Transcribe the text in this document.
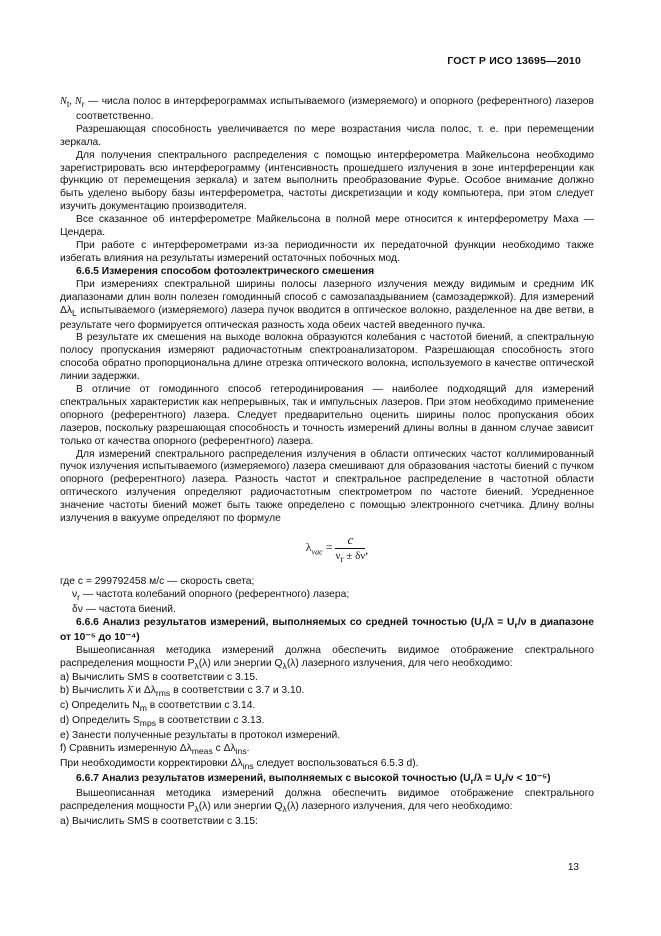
ГОСТ Р ИСО 13695—2010

$N_t$, $N_r$ — числа полос в интерферограммах испытываемого (измеряемого) и опорного (референтного) лазеров соответственно.

Разрешающая способность увеличивается по мере возрастания числа полос, т. е. при перемещении зеркала.

Для получения спектрального распределения с помощью интерферометра Майкельсона необходимо зарегистрировать всю интерферограмму (интенсивность прошедшего излучения в зоне интерференции как функцию от перемещения зеркала) и затем выполнить преобразование Фурье. Особое внимание должно быть уделено выбору базы интерферометра, частоты дискретизации и коду компьютера, при этом следует изучить документацию производителя.

Все сказанное об интерферометре Майкельсона в полной мере относится к интерферометру Маха — Цендера.

При работе с интерферометрами из-за периодичности их передаточной функции необходимо также избегать влияния на результаты измерений остаточных побочных мод.

6.6.5 Измерения способом фотоэлектрического смешения

При измерениях спектральной ширины полосы лазерного излучения между видимым и средним ИК диапазонами длин волн полезен гомодинный способ с самозапаздыванием (самозадержкой). Для измерений $\Delta\lambda_L$ испытываемого (измеряемого) лазера пучок вводится в оптическое волокно, разделенное на две ветви, в результате чего формируется оптическая разность хода обеих частей введенного пучка.

В результате их смешения на выходе волокна образуются колебания с частотой биений, а спектральную полосу пропускания измеряют радиочастотным спектроанализатором. Разрешающая способность этого способа обратно пропорциональна длине отрезка оптического волокна, используемого в качестве оптической линии задержки.

В отличие от гомодинного способ гетеродинирования — наиболее подходящий для измерений спектральных характеристик как непрерывных, так и импульсных лазеров. При этом необходимо применение опорного (референтного) лазера. Следует предварительно оценить ширины полос пропускания обоих лазеров, поскольку разрешающая способность и точность измерений длины волны в данном случае зависит только от качества опорного (референтного) лазера.

Для измерений спектрального распределения излучения в области оптических частот коллимированный пучок излучения испытываемого (измеряемого) лазера смешивают для образования частоты биений с пучком опорного (референтного) лазера. Разность частот и спектральное распределение в частотной области оптического излучения определяют радиочастотным спектрометром по частоте биений. Усредненное значение частоты биений может быть также определено с помощью электронного счетчика. Длину волны излучения в вакууме определяют по формуле

$\lambda_{vac} = \frac{c}{\nu_r \pm \delta\nu}$ ,

где c = 299792458 м/с — скорость света;

$\nu_r$ — частота колебаний опорного (референтного) лазера;

δν — частота биений.

6.6.6 Анализ результатов измерений, выполняемых со средней точностью ($U_r/\lambda = U_r/\nu$ в диапазоне от 10⁻⁵ до 10⁻⁴)

Вышеописанная методика измерений должна обеспечить видимое отображение спектрального распределения мощности $P_\lambda(\lambda)$ или энергии $Q_\lambda(\lambda)$ лазерного излучения, для чего необходимо:

a) Вычислить SMS в соответствии с 3.15.

b) Вычислить λ̄ и $\Delta\lambda_{rms}$ в соответствии с 3.7 и 3.10.

c) Определить $N_m$ в соответствии с 3.14.

d) Определить $S_{mps}$ в соответствии с 3.13.

e) Занести полученные результаты в протокол измерений.

f) Сравнить измеренную $\Delta\lambda_{meas}$ с $\Delta\lambda_{ins}$.

При необходимости корректировки $\Delta\lambda_{ins}$ следует воспользоваться 6.5.3 d).

6.6.7 Анализ результатов измерений, выполняемых с высокой точностью $(U_r/\lambda = U_r/\nu < 10^{-5})$

Вышеописанная методика измерений должна обеспечить видимое отображение спектрального распределения мощности $P_\lambda(\lambda)$ или энергии $Q_\lambda(\lambda)$ лазерного излучения, для чего необходимо:

a) Вычислить SMS в соответствии с 3.15:

13
